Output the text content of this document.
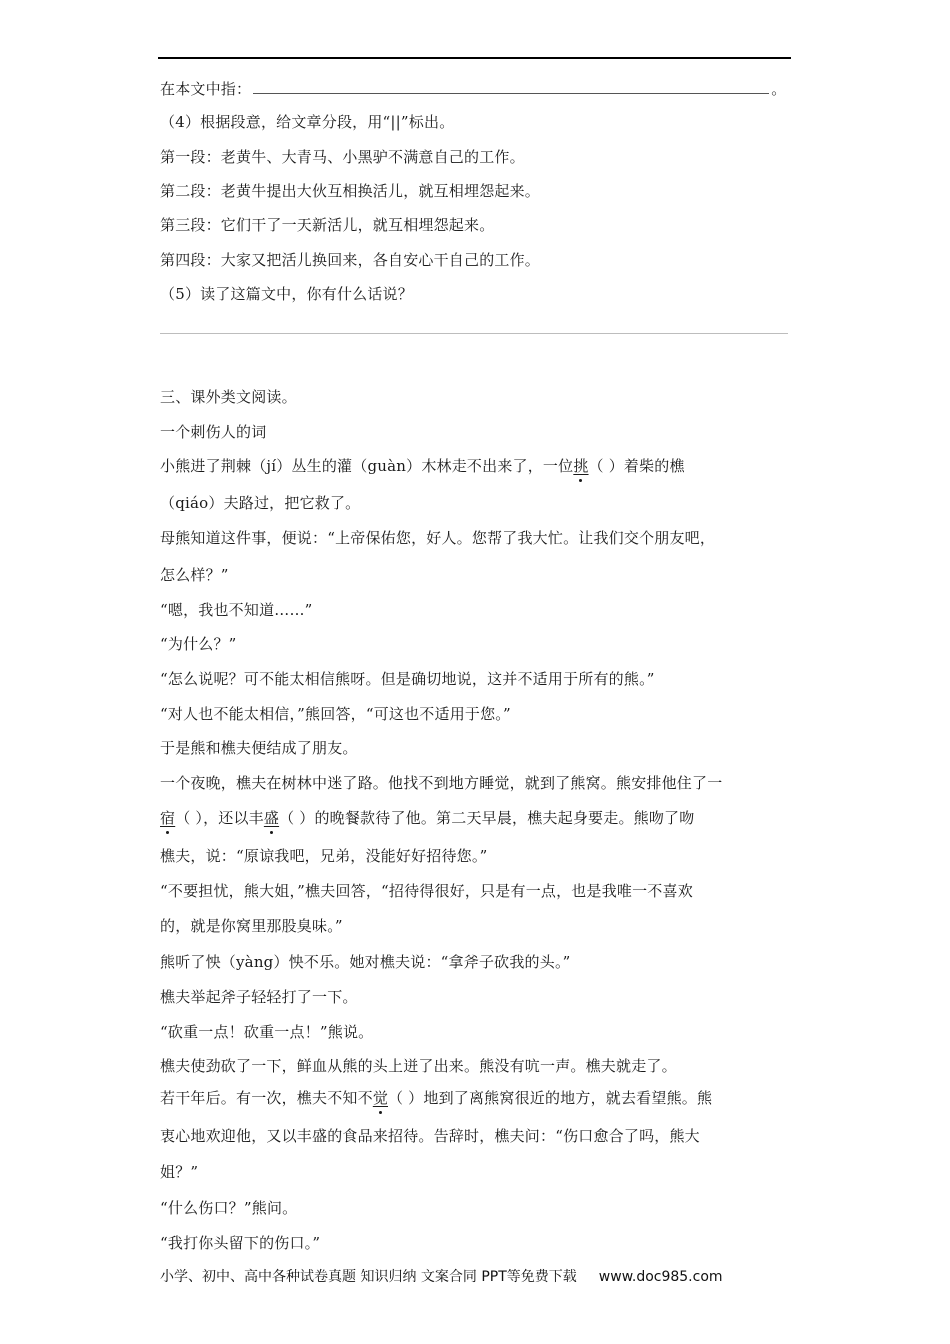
在本文中指：	。
（4）根据段意，给文章分段，用“||”标出。
第一段：老黄牛、大青马、小黑驴不满意自己的工作。
第二段：老黄牛提出大伙互相换活儿，就互相埋怨起来。
第三段：它们干了一天新活儿，就互相埋怨起来。
第四段：大家又把活儿换回来，各自安心干自己的工作。
（5）读了这篇文中，你有什么话说？
三、课外类文阅读。
一个刺伤人的词
小熊进了荆棘（jí）丛生的灌（guàn）木林走不出来了，一位挑（ ）着柴的樵
（qiáo）夫路过，把它救了。
母熊知道这件事，便说：“上帝保佑您，好人。您帮了我大忙。让我们交个朋友吧，
怎么样？”
“嗯，我也不知道……”
“为什么？”
“怎么说呢？可不能太相信熊呀。但是确切地说，这并不适用于所有的熊。”
“对人也不能太相信，”熊回答，“可这也不适用于您。”
于是熊和樵夫便结成了朋友。
一个夜晚，樵夫在树林中迷了路。他找不到地方睡觉，就到了熊窝。熊安排他住了一
宿（ ），还以丰盛（ ）的晚餐款待了他。第二天早晨，樵夫起身要走。熊吻了吻
樵夫，说：“原谅我吧，兄弟，没能好好招待您。”
“不要担忧，熊大姐，”樵夫回答，“招待得很好，只是有一点，也是我唯一不喜欢
的，就是你窝里那股臭味。”
熊听了怏（yàng）怏不乐。她对樵夫说：“拿斧子砍我的头。”
樵夫举起斧子轻轻打了一下。
“砍重一点！砍重一点！”熊说。
樵夫使劲砍了一下，鲜血从熊的头上迸了出来。熊没有吭一声。樵夫就走了。
若干年后。有一次，樵夫不知不觉（ ）地到了离熊窝很近的地方，就去看望熊。熊
衷心地欢迎他，又以丰盛的食品来招待。告辞时，樵夫问：“伤口愈合了吗，熊大
姐？”
“什么伤口？”熊问。
“我打你头留下的伤口。”
小学、初中、高中各种试卷真题 知识归纳 文案合同 PPT等免费下载 www.doc985.com
